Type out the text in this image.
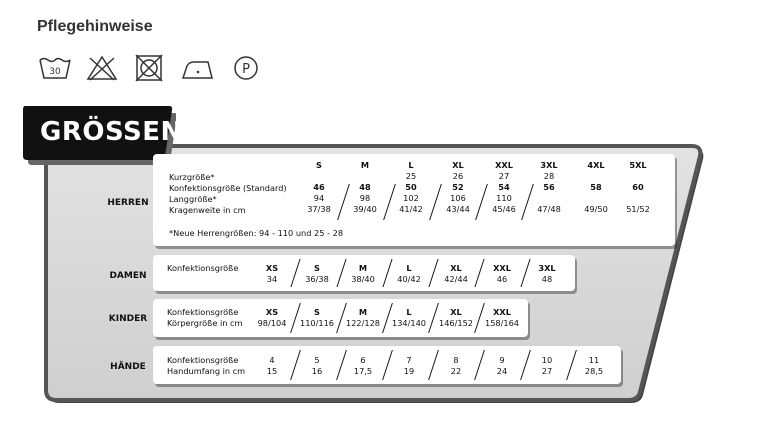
Pflegehinweise
30	P
GRÖSSEN
HERREN
DAMEN
KINDER
HÄNDE
Kurzgröße*
Konfektionsgröße (Standard)
Langgröße*
Kragenweite in cm
*Neue Herrengrößen: 94 - 110 und 25 - 28
S
46
94
37/38
M
48
98
39/40
L
25
50
102
41/42
XL
26
52
106
43/44
XXL
27
54
110
45/46
3XL
28
56
47/48
4XL
58
49/50
5XL
60
51/52
Konfektionsgröße	XS
34
S
36/38
M
38/40
L
40/42
XL
42/44
XXL
46
3XL
48
Konfektionsgröße
Körpergröße in cm
XS
98/104
S
110/116
M
122/128
L
134/140
XL
146/152
XXL
158/164
Konfektionsgröße
Handumfang in cm
4
15
5
16
6
17,5
7
19
8
22
9
24
10
27
11
28,5
